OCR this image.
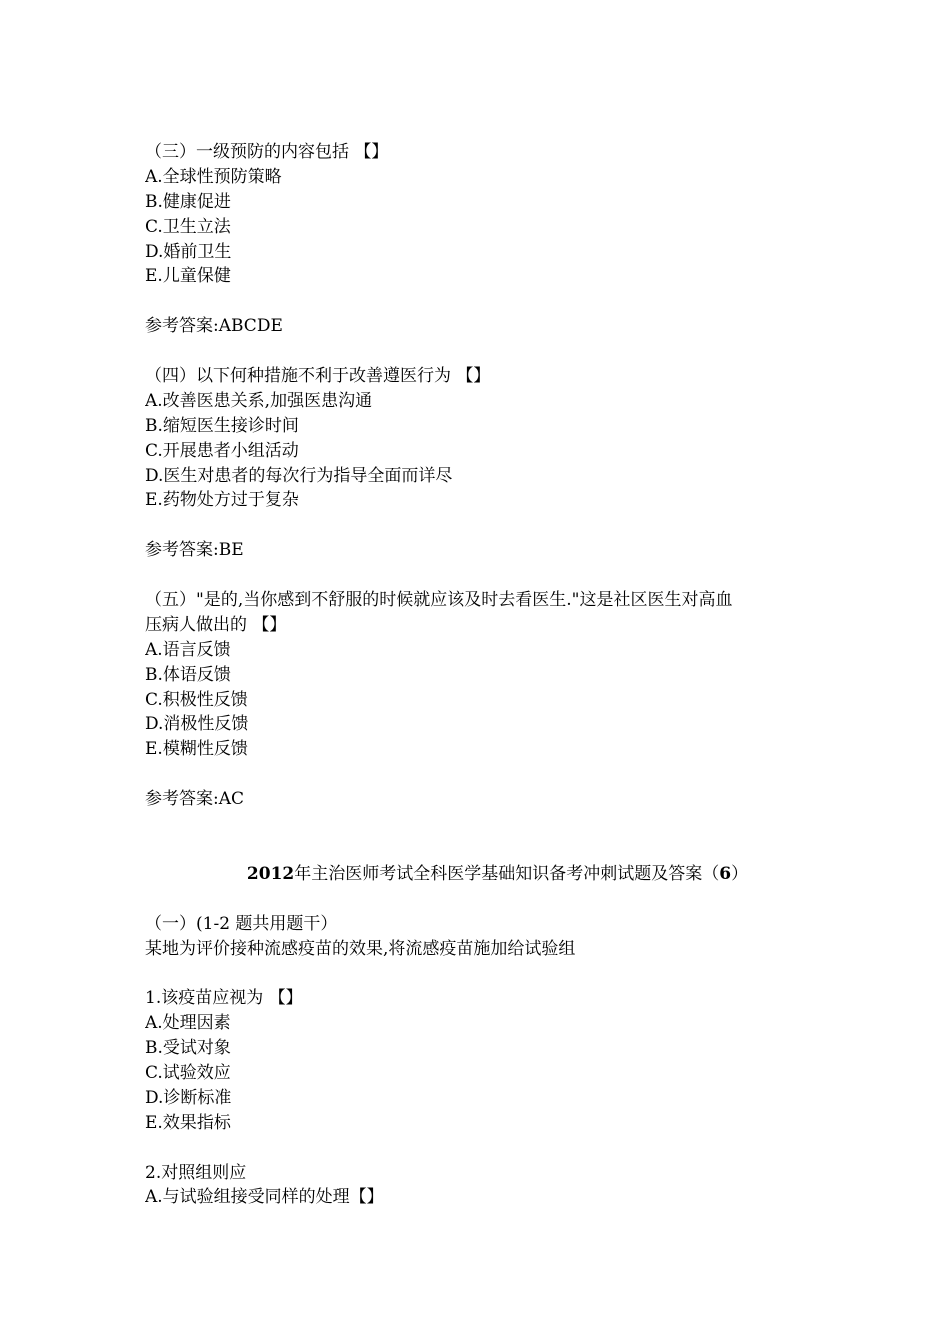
（三）一级预防的内容包括 【】
A.全球性预防策略
B.健康促进
C.卫生立法
D.婚前卫生
E.儿童保健
参考答案:ABCDE
（四）以下何种措施不利于改善遵医行为 【】
A.改善医患关系,加强医患沟通
B.缩短医生接诊时间
C.开展患者小组活动
D.医生对患者的每次行为指导全面而详尽
E.药物处方过于复杂
参考答案:BE
（五）"是的,当你感到不舒服的时候就应该及时去看医生."这是社区医生对高血
压病人做出的 【】
A.语言反馈
B.体语反馈
C.积极性反馈
D.消极性反馈
E.模糊性反馈
参考答案:AC
2012年主治医师考试全科医学基础知识备考冲刺试题及答案（6）
（一）(1-2 题共用题干）
某地为评价接种流感疫苗的效果,将流感疫苗施加给试验组
1.该疫苗应视为 【】
A.处理因素
B.受试对象
C.试验效应
D.诊断标准
E.效果指标
2.对照组则应
A.与试验组接受同样的处理【】
